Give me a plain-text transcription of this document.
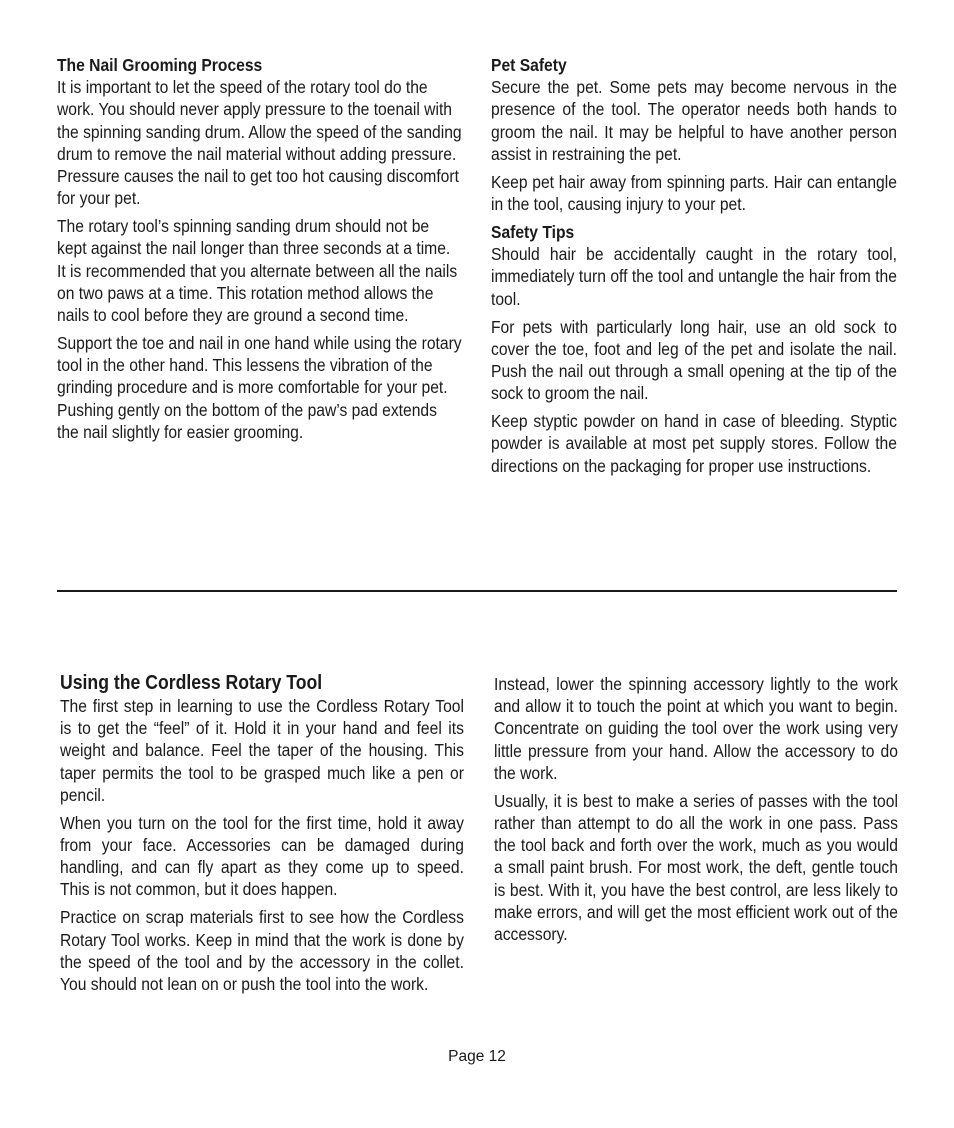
The Nail Grooming Process

It is important to let the speed of the rotary tool do the work. You should never apply pressure to the toenail with the spinning sanding drum. Allow the speed of the sanding drum to remove the nail material without adding pressure. Pressure causes the nail to get too hot causing discomfort for your pet.

The rotary tool’s spinning sanding drum should not be kept against the nail longer than three seconds at a time. It is recommended that you alternate between all the nails on two paws at a time. This rotation method allows the nails to cool before they are ground a second time.

Support the toe and nail in one hand while using the rotary tool in the other hand. This lessens the vibration of the grinding procedure and is more comfortable for your pet. Pushing gently on the bottom of the paw’s pad extends the nail slightly for easier grooming.

Pet Safety

Secure the pet. Some pets may become nervous in the presence of the tool. The operator needs both hands to groom the nail. It may be helpful to have another person assist in restraining the pet.

Keep pet hair away from spinning parts. Hair can entangle in the tool, causing injury to your pet.

Safety Tips

Should hair be accidentally caught in the rotary tool, immediately turn off the tool and untangle the hair from the tool.

For pets with particularly long hair, use an old sock to cover the toe, foot and leg of the pet and isolate the nail. Push the nail out through a small opening at the tip of the sock to groom the nail.

Keep styptic powder on hand in case of bleeding. Styptic powder is available at most pet supply stores. Follow the directions on the packaging for proper use instructions.

Using the Cordless Rotary Tool

The first step in learning to use the Cordless Rotary Tool is to get the “feel” of it. Hold it in your hand and feel its weight and balance. Feel the taper of the housing. This taper permits the tool to be grasped much like a pen or pencil.

When you turn on the tool for the first time, hold it away from your face. Accessories can be damaged during handling, and can fly apart as they come up to speed. This is not common, but it does happen.

Practice on scrap materials first to see how the Cordless Rotary Tool works. Keep in mind that the work is done by the speed of the tool and by the accessory in the collet. You should not lean on or push the tool into the work.

Instead, lower the spinning accessory lightly to the work and allow it to touch the point at which you want to begin. Concentrate on guiding the tool over the work using very little pressure from your hand. Allow the accessory to do the work.

Usually, it is best to make a series of passes with the tool rather than attempt to do all the work in one pass. Pass the tool back and forth over the work, much as you would a small paint brush. For most work, the deft, gentle touch is best. With it, you have the best control, are less likely to make errors, and will get the most efficient work out of the accessory.

Page 12
